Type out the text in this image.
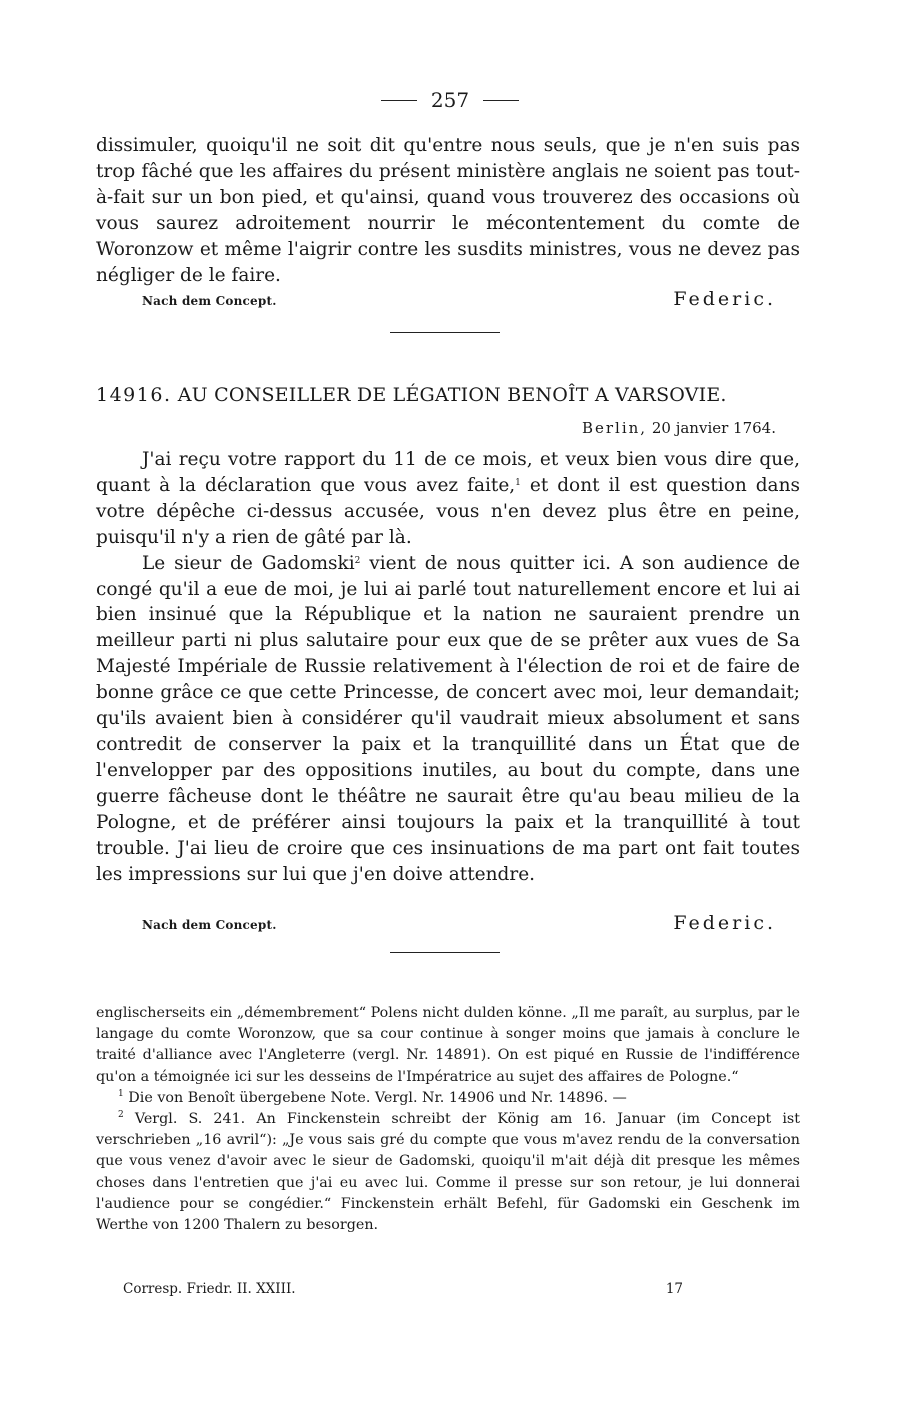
257

dissimuler, quoiqu'il ne soit dit qu'entre nous seuls, que je n'en suis pas trop fâché que les affaires du présent ministère anglais ne soient pas tout-à-fait sur un bon pied, et qu'ainsi, quand vous trouverez des occasions où vous saurez adroitement nourrir le mécontentement du comte de Woronzow et même l'aigrir contre les susdits ministres, vous ne devez pas négliger de le faire.

Nach dem Concept.	Federic.
14916. AU CONSEILLER DE LÉGATION BENOÎT A VARSOVIE.
Berlin, 20 janvier 1764.

J'ai reçu votre rapport du 11 de ce mois, et veux bien vous dire que, quant à la déclaration que vous avez faite,$^1$ et dont il est question dans votre dépêche ci-dessus accusée, vous n'en devez plus être en peine, puisqu'il n'y a rien de gâté par là.

Le sieur de Gadomski$^2$ vient de nous quitter ici. A son audience de congé qu'il a eue de moi, je lui ai parlé tout naturellement encore et lui ai bien insinué que la République et la nation ne sauraient prendre un meilleur parti ni plus salutaire pour eux que de se prêter aux vues de Sa Majesté Impériale de Russie relativement à l'élection de roi et de faire de bonne grâce ce que cette Princesse, de concert avec moi, leur demandait; qu'ils avaient bien à considérer qu'il vaudrait mieux absolument et sans contredit de conserver la paix et la tranquillité dans un État que de l'envelopper par des oppositions inutiles, au bout du compte, dans une guerre fâcheuse dont le théâtre ne saurait être qu'au beau milieu de la Pologne, et de préférer ainsi toujours la paix et la tranquillité à tout trouble. J'ai lieu de croire que ces insinuations de ma part ont fait toutes les impressions sur lui que j'en doive attendre.

Nach dem Concept.	Federic.

englischerseits ein „démembrement“ Polens nicht dulden könne. „Il me paraît, au surplus, par le langage du comte Woronzow, que sa cour continue à songer moins que jamais à conclure le traité d'alliance avec l'Angleterre (vergl. Nr. 14891). On est piqué en Russie de l'indifférence qu'on a témoignée ici sur les desseins de l'Impératrice au sujet des affaires de Pologne.“

$^1$ Die von Benoît übergebene Note. Vergl. Nr. 14906 und Nr. 14896. —

$^2$ Vergl. S. 241. An Finckenstein schreibt der König am 16. Januar (im Concept ist verschrieben „16 avril“): „Je vous sais gré du compte que vous m'avez rendu de la conversation que vous venez d'avoir avec le sieur de Gadomski, quoiqu'il m'ait déjà dit presque les mêmes choses dans l'entretien que j'ai eu avec lui. Comme il presse sur son retour, je lui donnerai l'audience pour se congédier.“ Finckenstein erhält Befehl, für Gadomski ein Geschenk im Werthe von 1200 Thalern zu besorgen.

Corresp. Friedr. II. XXIII.	17
